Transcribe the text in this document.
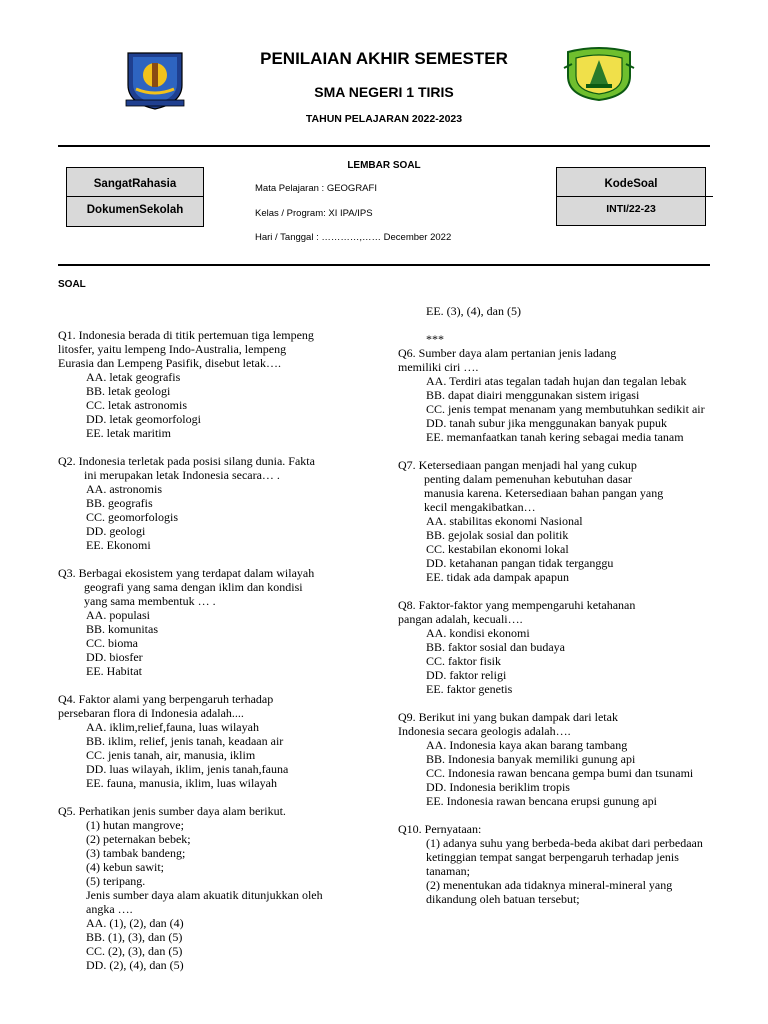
PENILAIAN AKHIR SEMESTER
SMA NEGERI 1 TIRIS
TAHUN PELAJARAN 2022-2023
SangatRahasia
DokumenSekolah
LEMBAR SOAL
Mata Pelajaran : GEOGRAFI
Kelas / Program: XI IPA/IPS
Hari / Tanggal : …………,…… December 2022
KodeSoal
INTI/22-23
SOAL
Q1. Indonesia berada di titik pertemuan tiga lempeng
litosfer, yaitu lempeng Indo-Australia, lempeng
Eurasia dan Lempeng Pasifik, disebut letak….
AA. letak geografis
BB. letak geologi
CC. letak astronomis
DD. letak geomorfologi
EE. letak maritim
Q2. Indonesia terletak pada posisi silang dunia. Fakta
ini merupakan letak Indonesia secara… .
AA. astronomis
BB. geografis
CC. geomorfologis
DD. geologi
EE. Ekonomi
Q3. Berbagai ekosistem yang terdapat dalam wilayah
geografi yang sama dengan iklim dan kondisi
yang sama membentuk … .
AA. populasi
BB. komunitas
CC. bioma
DD. biosfer
EE. Habitat
Q4. Faktor alami yang berpengaruh terhadap
persebaran flora di Indonesia adalah....
AA. iklim,relief,fauna, luas wilayah
BB. iklim, relief, jenis tanah, keadaan air
CC. jenis tanah, air, manusia, iklim
DD. luas wilayah, iklim, jenis tanah,fauna
EE. fauna, manusia, iklim, luas wilayah
Q5. Perhatikan jenis sumber daya alam berikut.
(1) hutan mangrove;
(2) peternakan bebek;
(3) tambak bandeng;
(4) kebun sawit;
(5) teripang.
Jenis sumber daya alam akuatik ditunjukkan oleh
angka ….
AA. (1), (2), dan (4)
BB. (1), (3), dan (5)
CC. (2), (3), dan (5)
DD. (2), (4), dan (5)
EE. (3), (4), dan (5)
***
Q6. Sumber daya alam pertanian jenis ladang
memiliki ciri ….
AA. Terdiri atas tegalan tadah hujan dan tegalan lebak
BB. dapat diairi menggunakan sistem irigasi
CC. jenis tempat menanam yang membutuhkan sedikit air
DD. tanah subur jika menggunakan banyak pupuk
EE. memanfaatkan tanah kering sebagai media tanam
Q7. Ketersediaan pangan menjadi hal yang cukup
penting dalam pemenuhan kebutuhan dasar
manusia karena. Ketersediaan bahan pangan yang
kecil mengakibatkan…
AA. stabilitas ekonomi Nasional
BB. gejolak sosial dan politik
CC. kestabilan ekonomi lokal
DD. ketahanan pangan tidak terganggu
EE. tidak ada dampak apapun
Q8. Faktor-faktor yang mempengaruhi ketahanan
pangan adalah, kecuali….
AA. kondisi ekonomi
BB. faktor sosial dan budaya
CC. faktor fisik
DD. faktor religi
EE. faktor genetis
Q9. Berikut ini yang bukan dampak dari letak
Indonesia secara geologis adalah….
AA. Indonesia kaya akan barang tambang
BB. Indonesia banyak memiliki gunung api
CC. Indonesia rawan bencana gempa bumi dan tsunami
DD. Indonesia beriklim tropis
EE. Indonesia rawan bencana erupsi gunung api
Q10. Pernyataan:
(1) adanya suhu yang berbeda-beda akibat dari perbedaan ketinggian tempat sangat berpengaruh terhadap jenis tanaman;
(2) menentukan ada tidaknya mineral-mineral yang dikandung oleh batuan tersebut;
